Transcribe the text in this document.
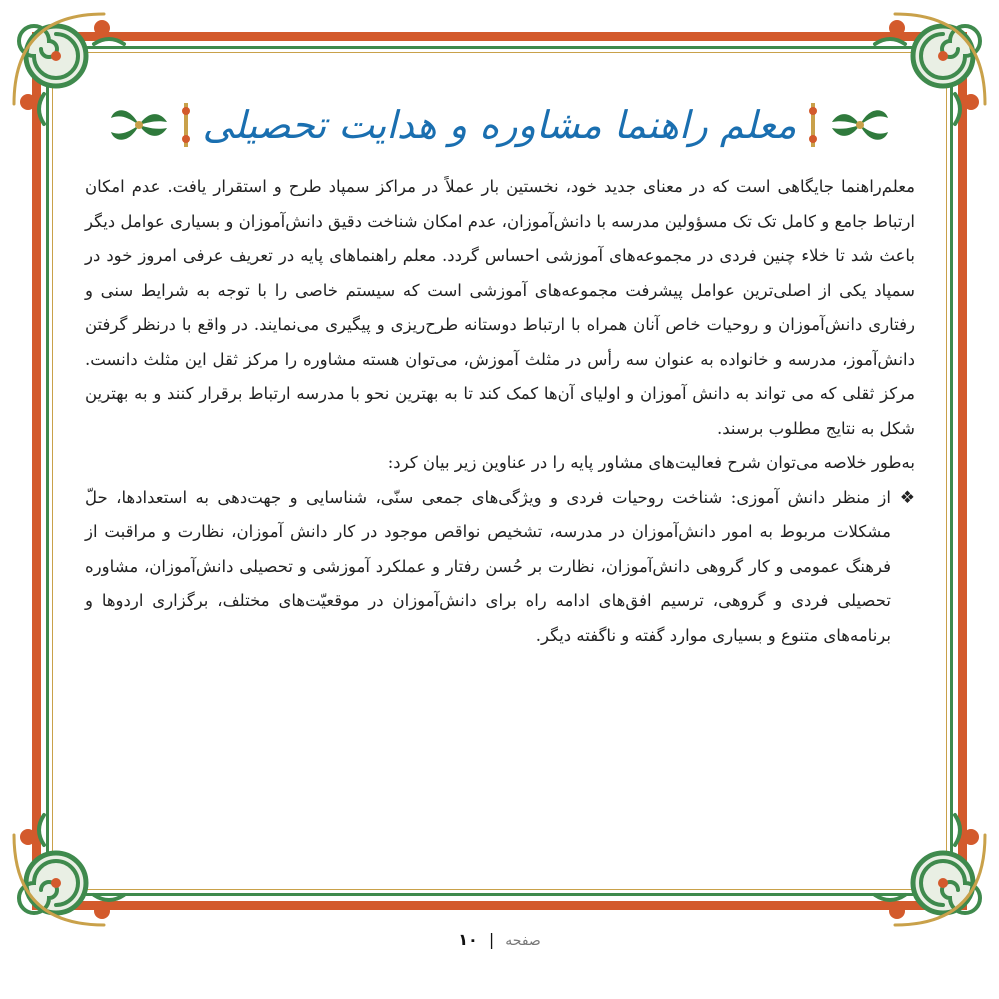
معلم راهنما مشاوره و هدایت تحصیلی

معلم‌راهنما جایگاهی است که در معنای جدید خود، نخستین بار عملاً در مراکز سمپاد طرح و استقرار یافت. عدم امکان ارتباط جامع و کامل تک تک مسؤولین مدرسه با دانش‌آموزان، عدم امکان شناخت دقیق دانش‌آموزان و بسیاری عوامل دیگر باعث شد تا خلاء چنین فردی در مجموعه‌های آموزشی احساس گردد. معلم راهنماهای پایه در تعریف عرفی امروز خود در سمپاد یکی از اصلی‌ترین عوامل پیشرفت مجموعه‌های آموزشی است که سیستم خاصی را با توجه به شرایط سنی و رفتاری دانش‌آموزان و روحیات خاص آنان همراه با ارتباط دوستانه طرح‌ریزی و پیگیری می‌نمایند. در واقع با درنظر گرفتن دانش‌آموز، مدرسه و خانواده به عنوان سه رأس در مثلث آموزش، می‌توان هسته مشاوره را مرکز ثقل این مثلث دانست. مرکز ثقلی که می تواند به دانش آموزان و اولیای آن‌ها کمک کند تا به بهترین نحو با مدرسه ارتباط برقرار کنند و به بهترین شکل به نتایج مطلوب برسند.

به‌طور خلاصه می‌توان شرح فعالیت‌های مشاور پایه را در عناوین زیر بیان کرد:

❖
از منظر دانش آموزی: شناخت روحیات فردی و ویژگی‌های جمعی سنّی، شناسایی و جهت‌دهی به استعدادها، حلّ مشکلات مربوط به امور دانش‌آموزان در مدرسه، تشخیص نواقص موجود در کار دانش آموزان، نظارت و مراقبت از فرهنگ عمومی و کار گروهی دانش‌آموزان، نظارت بر حُسن رفتار و عملکرد آموزشی و تحصیلی دانش‌آموزان، مشاوره تحصیلی فردی و گروهی، ترسیم افق‌های ادامه راه برای دانش‌آموزان در موقعیّت‌های مختلف، برگزاری اردوها و برنامه‌های متنوع و بسیاری موارد گفته و ناگفته دیگر.

صفحه | ۱۰
